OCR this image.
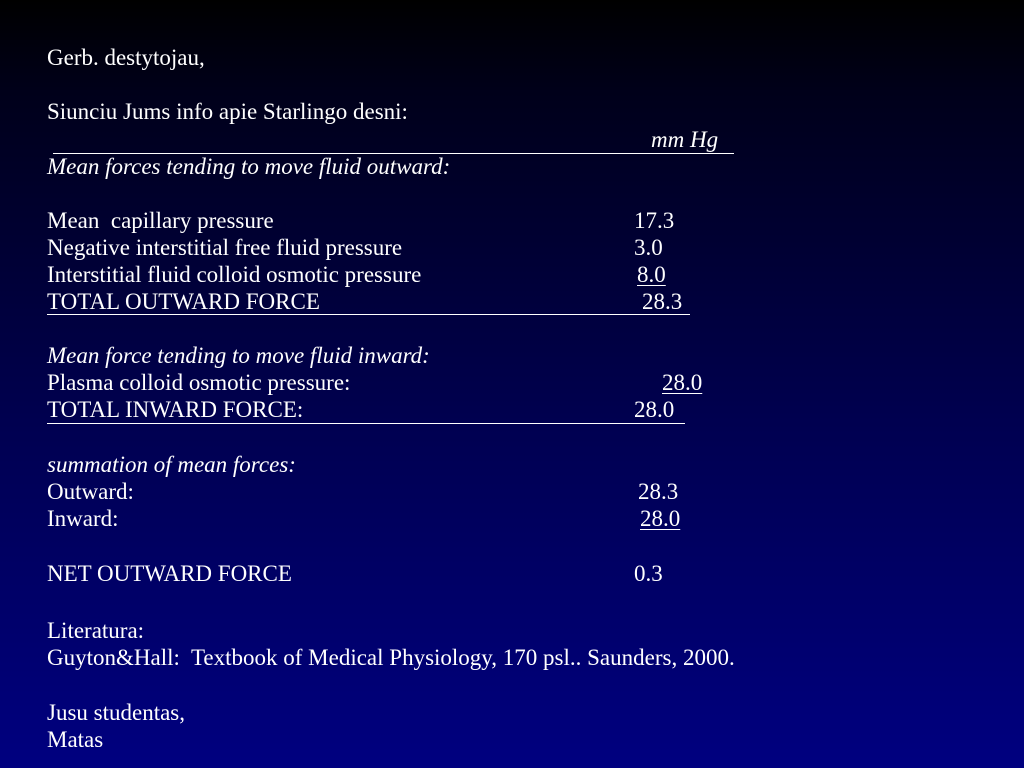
Gerb. destytojau,
Siunciu Jums info apie Starlingo desni:
mm Hg
Mean forces tending to move fluid outward:
Mean  capillary pressure	17.3
Negative interstitial free fluid pressure	3.0
Interstitial fluid colloid osmotic pressure	8.0
TOTAL OUTWARD FORCE	28.3
Mean force tending to move fluid inward:
Plasma colloid osmotic pressure:	28.0
TOTAL INWARD FORCE:	28.0
summation of mean forces:
Outward:	28.3
Inward:	28.0
NET OUTWARD FORCE	0.3
Literatura:
Guyton&Hall:  Textbook of Medical Physiology, 170 psl.. Saunders, 2000.
Jusu studentas,
Matas
